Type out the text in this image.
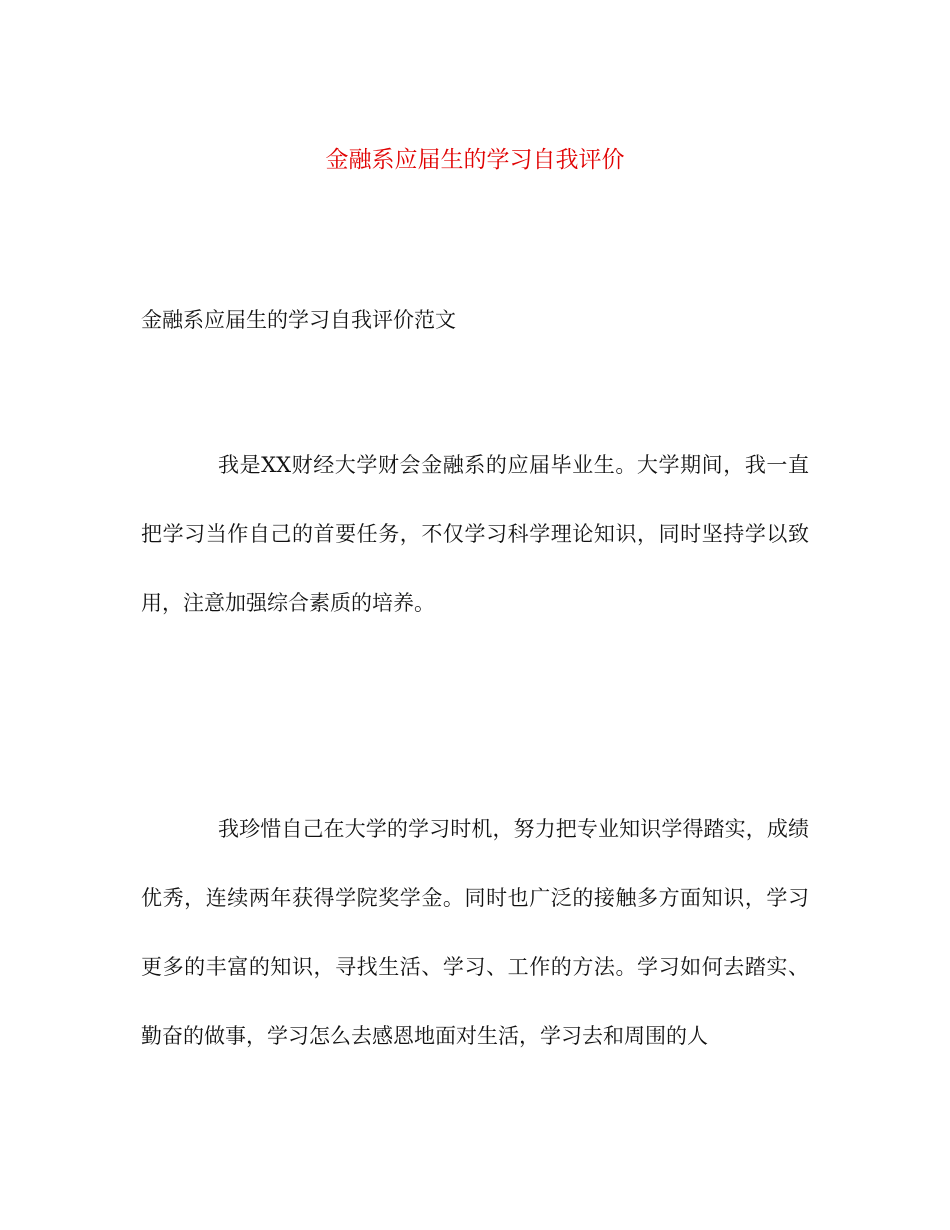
金融系应届生的学习自我评价

金融系应届生的学习自我评价范文

我是XX财经大学财会金融系的应届毕业生。大学期间，我一直把学习当作自己的首要任务，不仅学习科学理论知识，同时坚持学以致用，注意加强综合素质的培养。

我珍惜自己在大学的学习时机，努力把专业知识学得踏实，成绩优秀，连续两年获得学院奖学金。同时也广泛的接触多方面知识，学习更多的丰富的知识，寻找生活、学习、工作的方法。学习如何去踏实、勤奋的做事，学习怎么去感恩地面对生活，学习去和周围的人
